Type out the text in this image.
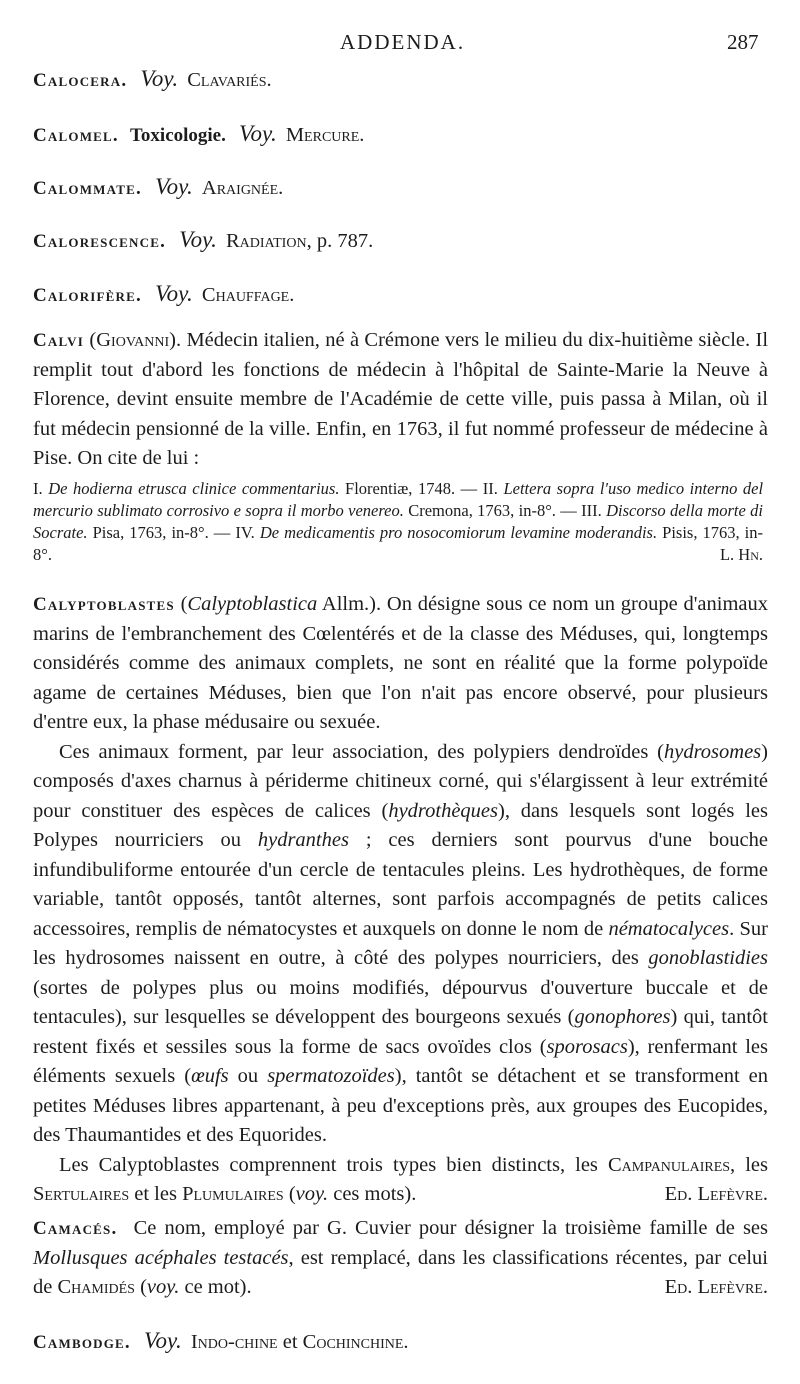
ADDENDA.	287
Calocera. Voy. Clavariés.
Calomel. Toxicologie. Voy. Mercure.
Calommate. Voy. Araignée.
Calorescence. Voy. Radiation, p. 787.
Calorifère. Voy. Chauffage.

Calvi (Giovanni). Médecin italien, né à Crémone vers le milieu du dix-huitième siècle. Il remplit tout d'abord les fonctions de médecin à l'hôpital de Sainte-Marie la Neuve à Florence, devint ensuite membre de l'Académie de cette ville, puis passa à Milan, où il fut médecin pensionné de la ville. Enfin, en 1763, il fut nommé professeur de médecine à Pise. On cite de lui :

I. De hodierna etrusca clinice commentarius. Florentiæ, 1748. — II. Lettera sopra l'uso medico interno del mercurio sublimato corrosivo e sopra il morbo venereo. Cremona, 1763, in-8°. — III. Discorso della morte di Socrate. Pisa, 1763, in-8°. — IV. De medicamentis pro nosocomiorum levamine moderandis. Pisis, 1763, in-8°.	L. Hn.

Calyptoblastes (Calyptoblastica Allm.). On désigne sous ce nom un groupe d'animaux marins de l'embranchement des Cœlentérés et de la classe des Méduses, qui, longtemps considérés comme des animaux complets, ne sont en réalité que la forme polypoïde agame de certaines Méduses, bien que l'on n'ait pas encore observé, pour plusieurs d'entre eux, la phase médusaire ou sexuée.

Ces animaux forment, par leur association, des polypiers dendroïdes (hydrosomes) composés d'axes charnus à périderme chitineux corné, qui s'élargissent à leur extrémité pour constituer des espèces de calices (hydrothèques), dans lesquels sont logés les Polypes nourriciers ou hydranthes ; ces derniers sont pourvus d'une bouche infundibuliforme entourée d'un cercle de tentacules pleins. Les hydrothèques, de forme variable, tantôt opposés, tantôt alternes, sont parfois accompagnés de petits calices accessoires, remplis de nématocystes et auxquels on donne le nom de nématocalyces. Sur les hydrosomes naissent en outre, à côté des polypes nourriciers, des gonoblastidies (sortes de polypes plus ou moins modifiés, dépourvus d'ouverture buccale et de tentacules), sur lesquelles se développent des bourgeons sexués (gonophores) qui, tantôt restent fixés et sessiles sous la forme de sacs ovoïdes clos (sporosacs), renfermant les éléments sexuels (œufs ou spermatozoïdes), tantôt se détachent et se transforment en petites Méduses libres appartenant, à peu d'exceptions près, aux groupes des Eucopides, des Thaumantides et des Equorides.

Les Calyptoblastes comprennent trois types bien distincts, les Campanulaires, les Sertulaires et les Plumulaires (voy. ces mots).	Ed. Lefèvre.

Camacés. Ce nom, employé par G. Cuvier pour désigner la troisième famille de ses Mollusques acéphales testacés, est remplacé, dans les classifications récentes, par celui de Chamidés (voy. ce mot).	Ed. Lefèvre.

Cambodge. Voy. Indo-chine et Cochinchine.
